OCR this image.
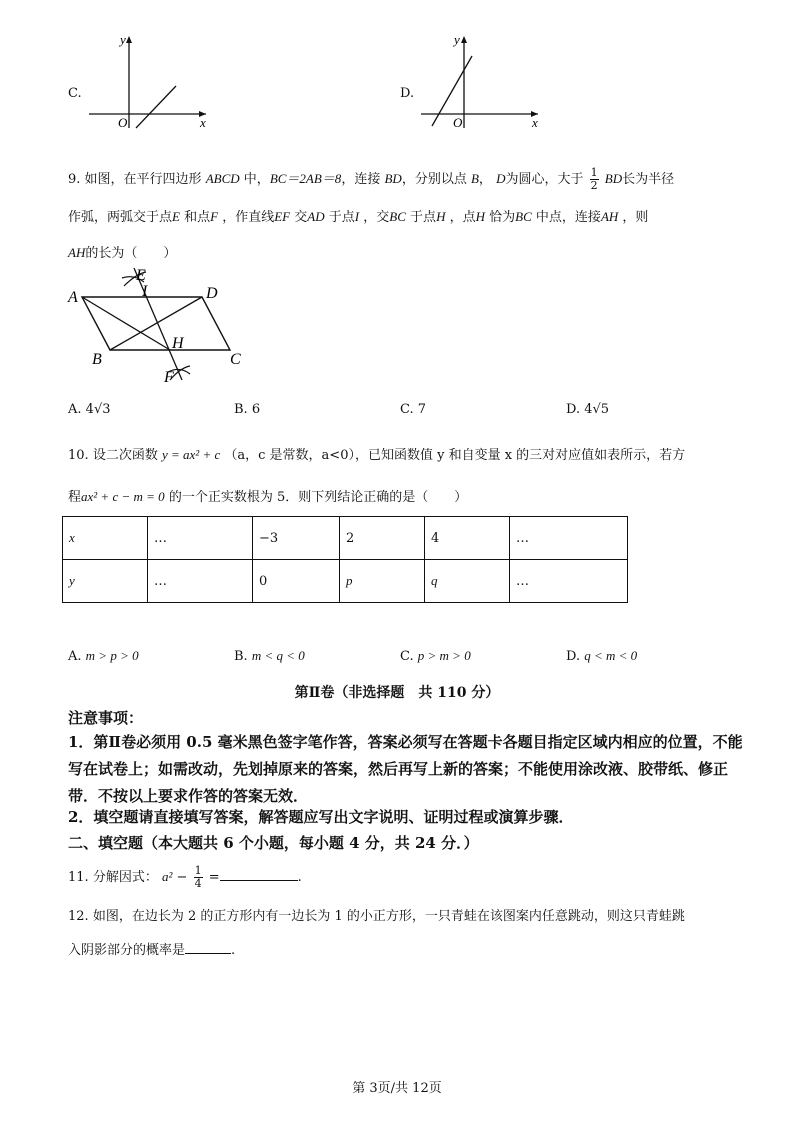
C.
y
x
O
D.
y
x
O
9. 如图，在平行四边形 ABCD 中，BC＝2AB＝8，连接 BD，分别以点 B， D为圆心，大于 $\frac{1}{2}$ BD长为半径
作弧，两弧交于点E 和点F ，作直线EF 交AD 于点I ，交BC 于点H ，点H 恰为BC 中点，连接AH ，则
AH的长为（　　）
A	D
B	C
E
I
H
F
A. 4√3	B. 6	C. 7	D. 4√5
10. 设二次函数 y = ax² + c （a，c 是常数，a<0），已知函数值 y 和自变量 x 的三对对应值如表所示，若方
程ax² + c − m = 0 的一个正实数根为 5．则下列结论正确的是（　　）
x	…	−3	2	4	…
y	…	0	p	q	…
A. m > p > 0	B. m < q < 0	C. p > m > 0	D. q < m < 0
第Ⅱ卷（非选择题　共 110 分）
注意事项：
1．第Ⅱ卷必须用 0.5 毫米黑色签字笔作答，答案必须写在答题卡各题目指定区域内相应的位置，不能写在试卷上；如需改动，先划掉原来的答案，然后再写上新的答案；不能使用涂改液、胶带纸、修正带．不按以上要求作答的答案无效．
2．填空题请直接填写答案，解答题应写出文字说明、证明过程或演算步骤．
二、填空题（本大题共 6 个小题，每小题 4 分，共 24 分．）
11. 分解因式： $a^2 - \frac{1}{4}$ =	.
12. 如图，在边长为 2 的正方形内有一边长为 1 的小正方形，一只青蛙在该图案内任意跳动，则这只青蛙跳
入阴影部分的概率是	.
第 3页/共 12页
